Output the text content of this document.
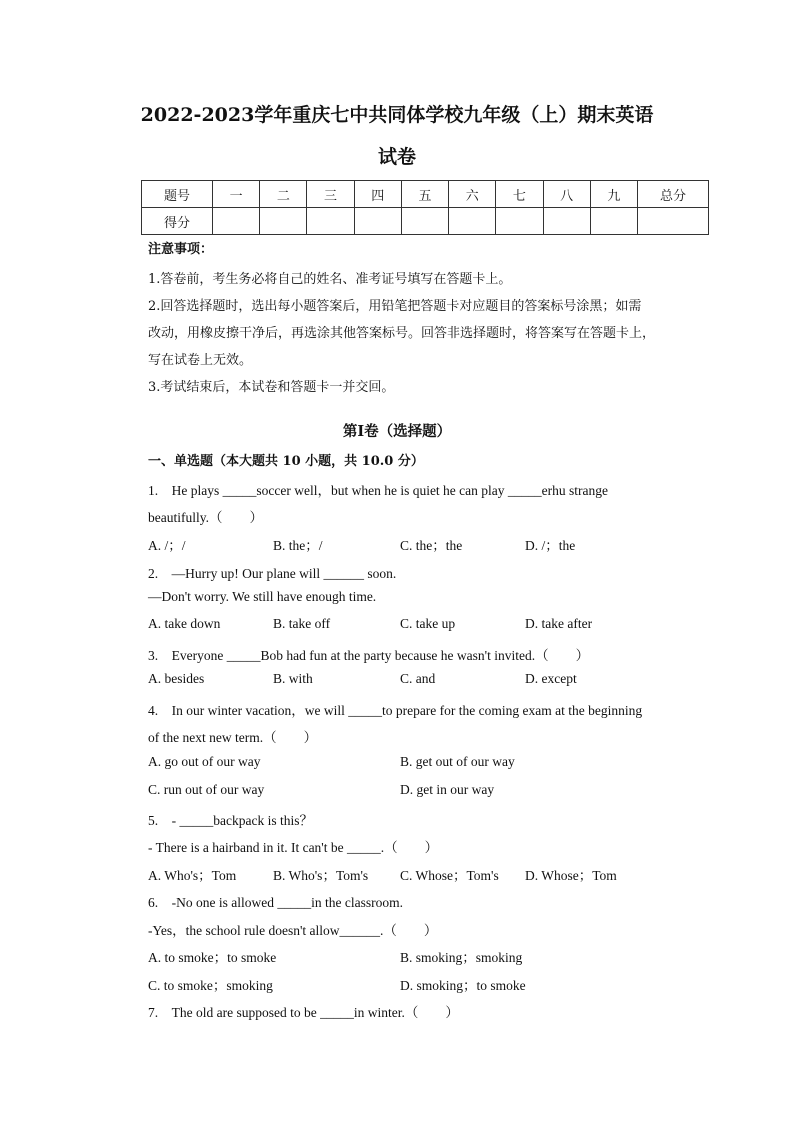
2022-2023学年重庆七中共同体学校九年级（上）期末英语
试卷
题号	一	二	三	四	五	六	七	八	九	总分
得分										
注意事项：
1.答卷前，考生务必将自己的姓名、准考证号填写在答题卡上。
2.回答选择题时，选出每小题答案后，用铅笔把答题卡对应题目的答案标号涂黑；如需
改动，用橡皮擦干净后，再选涂其他答案标号。回答非选择题时，将答案写在答题卡上，
写在试卷上无效。
3.考试结束后，本试卷和答题卡一并交回。
第Ⅰ卷（选择题）
一、单选题（本大题共 10 小题，共 10.0 分）
1.　He plays _____soccer well，but when he is quiet he can play _____erhu strange
beautifully.（　　）
A. /；/	B. the；/	C. the；the	D. /；the
2.　—Hurry up! Our plane will ______ soon.
—Don't worry. We still have enough time.
A. take down	B. take off	C. take up	D. take after
3.　Everyone _____Bob had fun at the party because he wasn't invited.（　　）
A. besides	B. with	C. and	D. except
4.　In our winter vacation，we will _____to prepare for the coming exam at the beginning
of the next new term.（　　）
A. go out of our way	B. get out of our way
C. run out of our way	D. get in our way
5.　- _____backpack is this？
- There is a hairband in it. It can't be _____.（　　）
A. Who's；Tom	B. Who's；Tom's C. Whose；Tom's D. Whose；Tom
6.　-No one is allowed _____in the classroom.
-Yes，the school rule doesn't allow______.（　　）
A. to smoke；to smoke	B. smoking；smoking
C. to smoke；smoking	D. smoking；to smoke
7.　The old are supposed to be _____in winter.（　　）
